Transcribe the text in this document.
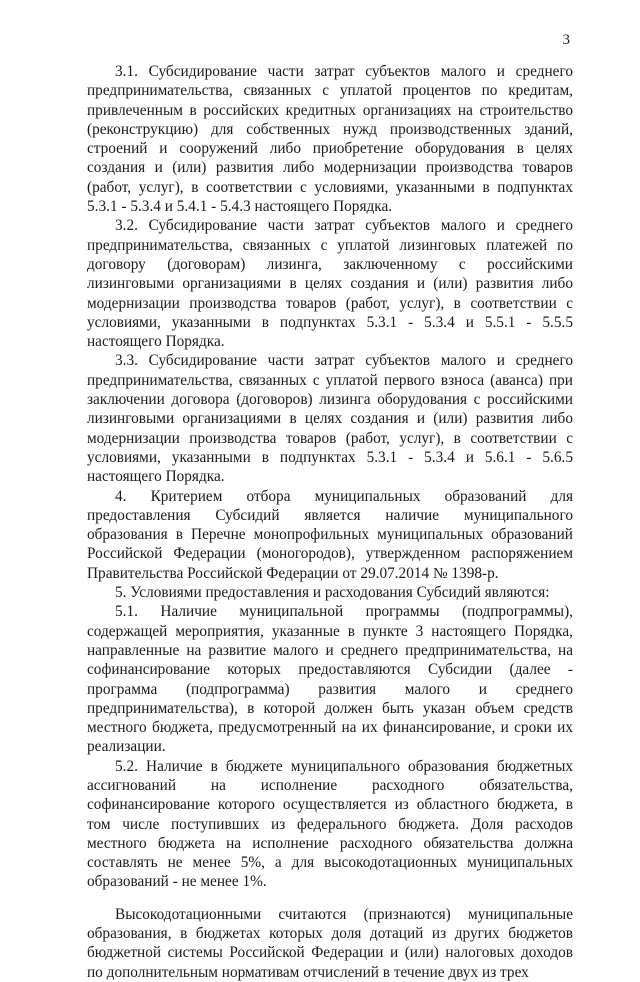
3

3.1. Субсидирование части затрат субъектов малого и среднего предпринимательства, связанных с уплатой процентов по кредитам, привлеченным в российских кредитных организациях на строительство (реконструкцию) для собственных нужд производственных зданий, строений и сооружений либо приобретение оборудования в целях создания и (или) развития либо модернизации производства товаров (работ, услуг), в соответствии с условиями, указанными в подпунктах 5.3.1 - 5.3.4 и 5.4.1 - 5.4.3 настоящего Порядка.

3.2. Субсидирование части затрат субъектов малого и среднего предпринимательства, связанных с уплатой лизинговых платежей по договору (договорам) лизинга, заключенному с российскими лизинговыми организациями в целях создания и (или) развития либо модернизации производства товаров (работ, услуг), в соответствии с условиями, указанными в подпунктах 5.3.1 - 5.3.4 и 5.5.1 - 5.5.5 настоящего Порядка.

3.3. Субсидирование части затрат субъектов малого и среднего предпринимательства, связанных с уплатой первого взноса (аванса) при заключении договора (договоров) лизинга оборудования с российскими лизинговыми организациями в целях создания и (или) развития либо модернизации производства товаров (работ, услуг), в соответствии с условиями, указанными в подпунктах 5.3.1 - 5.3.4 и 5.6.1 - 5.6.5 настоящего Порядка.

4. Критерием отбора муниципальных образований для предоставления Субсидий является наличие муниципального образования в Перечне монопрофильных муниципальных образований Российской Федерации (моногородов), утвержденном распоряжением Правительства Российской Федерации от 29.07.2014 № 1398-р.

5. Условиями предоставления и расходования Субсидий являются:

5.1. Наличие муниципальной программы (подпрограммы), содержащей мероприятия, указанные в пункте 3 настоящего Порядка, направленные на развитие малого и среднего предпринимательства, на софинансирование которых предоставляются Субсидии (далее - программа (подпрограмма) развития малого и среднего предпринимательства), в которой должен быть указан объем средств местного бюджета, предусмотренный на их финансирование, и сроки их реализации.

5.2. Наличие в бюджете муниципального образования бюджетных ассигнований на исполнение расходного обязательства, софинансирование которого осуществляется из областного бюджета, в том числе поступивших из федерального бюджета. Доля расходов местного бюджета на исполнение расходного обязательства должна составлять не менее 5%, а для высокодотационных муниципальных образований - не менее 1%.

Высокодотационными считаются (признаются) муниципальные образования, в бюджетах которых доля дотаций из других бюджетов бюджетной системы Российской Федерации и (или) налоговых доходов по дополнительным нормативам отчислений в течение двух из трех
